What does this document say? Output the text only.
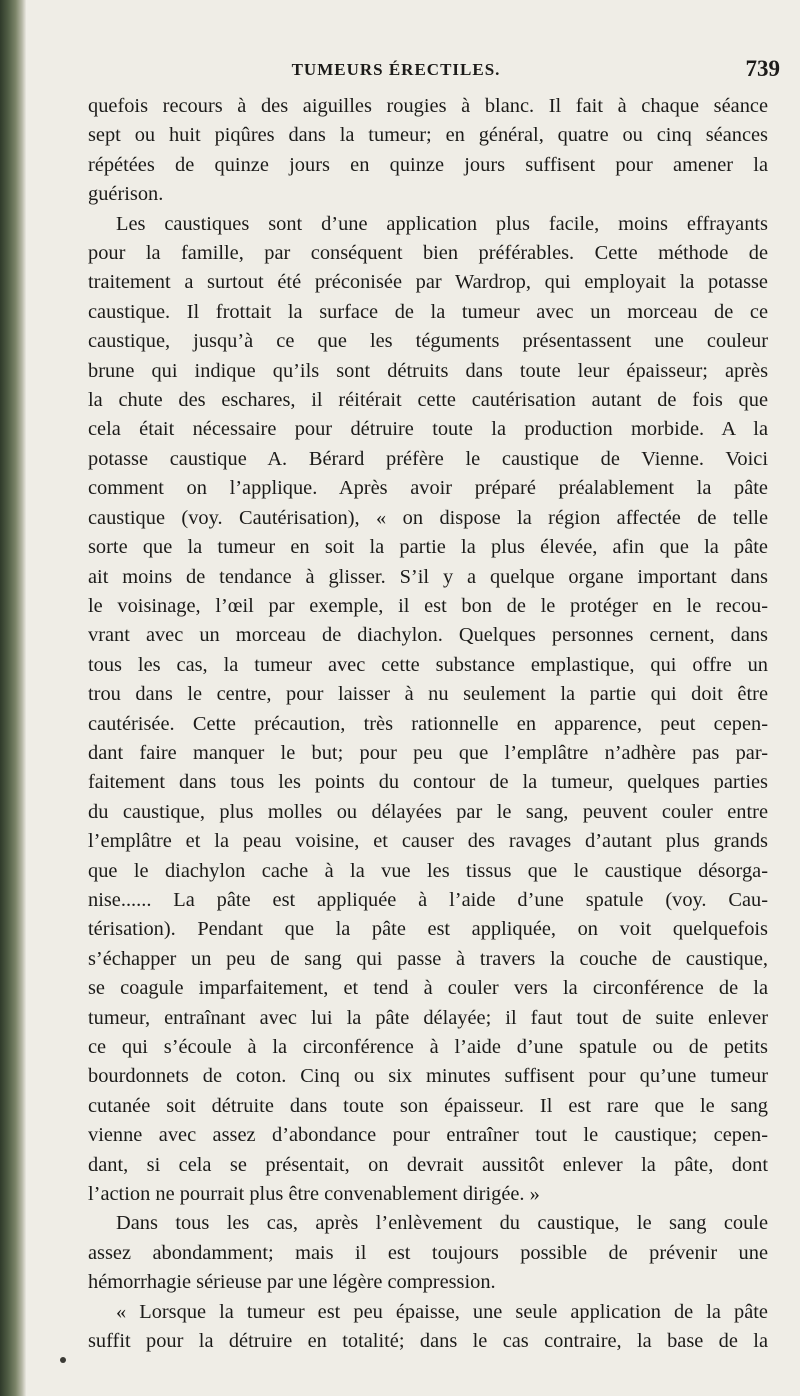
TUMEURS ÉRECTILES.	739
quefois recours à des aiguilles rougies à blanc. Il fait à chaque séance
sept ou huit piqûres dans la tumeur; en général, quatre ou cinq séances
répétées de quinze jours en quinze jours suffisent pour amener la
guérison.
Les caustiques sont d’une application plus facile, moins effrayants
pour la famille, par conséquent bien préférables. Cette méthode de
traitement a surtout été préconisée par Wardrop, qui employait la potasse
caustique. Il frottait la surface de la tumeur avec un morceau de ce
caustique, jusqu’à ce que les téguments présentassent une couleur
brune qui indique qu’ils sont détruits dans toute leur épaisseur; après
la chute des eschares, il réitérait cette cautérisation autant de fois que
cela était nécessaire pour détruire toute la production morbide. A la
potasse caustique A. Bérard préfère le caustique de Vienne. Voici
comment on l’applique. Après avoir préparé préalablement la pâte
caustique (voy. Cautérisation), « on dispose la région affectée de telle
sorte que la tumeur en soit la partie la plus élevée, afin que la pâte
ait moins de tendance à glisser. S’il y a quelque organe important dans
le voisinage, l’œil par exemple, il est bon de le protéger en le recou-
vrant avec un morceau de diachylon. Quelques personnes cernent, dans
tous les cas, la tumeur avec cette substance emplastique, qui offre un
trou dans le centre, pour laisser à nu seulement la partie qui doit être
cautérisée. Cette précaution, très rationnelle en apparence, peut cepen-
dant faire manquer le but; pour peu que l’emplâtre n’adhère pas par-
faitement dans tous les points du contour de la tumeur, quelques parties
du caustique, plus molles ou délayées par le sang, peuvent couler entre
l’emplâtre et la peau voisine, et causer des ravages d’autant plus grands
que le diachylon cache à la vue les tissus que le caustique désorga-
nise...... La pâte est appliquée à l’aide d’une spatule (voy. Cau-
térisation). Pendant que la pâte est appliquée, on voit quelquefois
s’échapper un peu de sang qui passe à travers la couche de caustique,
se coagule imparfaitement, et tend à couler vers la circonférence de la
tumeur, entraînant avec lui la pâte délayée; il faut tout de suite enlever
ce qui s’écoule à la circonférence à l’aide d’une spatule ou de petits
bourdonnets de coton. Cinq ou six minutes suffisent pour qu’une tumeur
cutanée soit détruite dans toute son épaisseur. Il est rare que le sang
vienne avec assez d’abondance pour entraîner tout le caustique; cepen-
dant, si cela se présentait, on devrait aussitôt enlever la pâte, dont
l’action ne pourrait plus être convenablement dirigée. »
Dans tous les cas, après l’enlèvement du caustique, le sang coule
assez abondamment; mais il est toujours possible de prévenir une
hémorrhagie sérieuse par une légère compression.
« Lorsque la tumeur est peu épaisse, une seule application de la pâte
suffit pour la détruire en totalité; dans le cas contraire, la base de la
